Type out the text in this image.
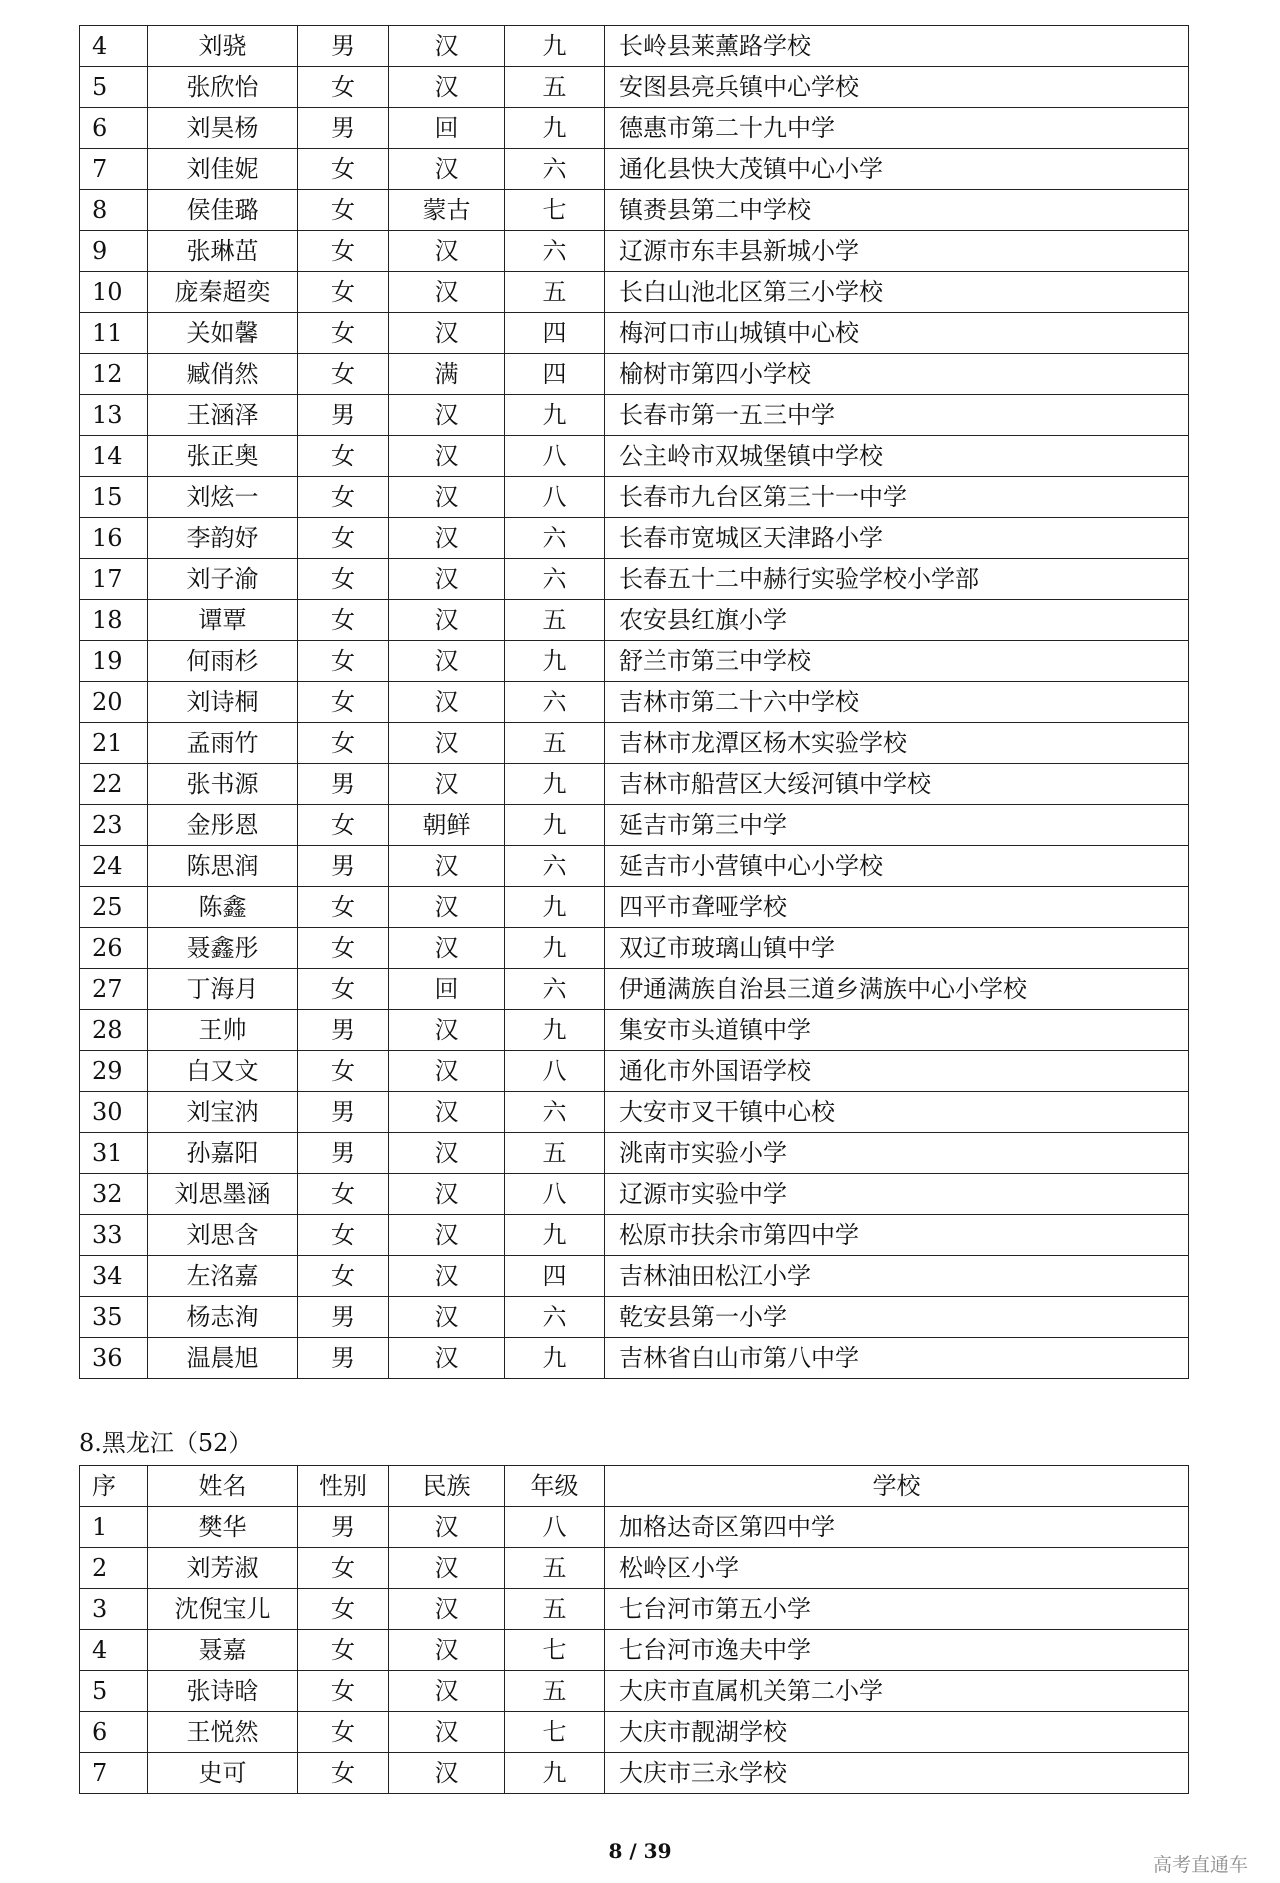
4	刘骁	男	汉	九	长岭县莱薰路学校
5	张欣怡	女	汉	五	安图县亮兵镇中心学校
6	刘昊杨	男	回	九	德惠市第二十九中学
7	刘佳妮	女	汉	六	通化县快大茂镇中心小学
8	侯佳璐	女	蒙古	七	镇赉县第二中学校
9	张琳茁	女	汉	六	辽源市东丰县新城小学
10	庞秦超奕	女	汉	五	长白山池北区第三小学校
11	关如馨	女	汉	四	梅河口市山城镇中心校
12	臧俏然	女	满	四	榆树市第四小学校
13	王涵泽	男	汉	九	长春市第一五三中学
14	张正奥	女	汉	八	公主岭市双城堡镇中学校
15	刘炫一	女	汉	八	长春市九台区第三十一中学
16	李韵妤	女	汉	六	长春市宽城区天津路小学
17	刘子渝	女	汉	六	长春五十二中赫行实验学校小学部
18	谭覃	女	汉	五	农安县红旗小学
19	何雨杉	女	汉	九	舒兰市第三中学校
20	刘诗桐	女	汉	六	吉林市第二十六中学校
21	孟雨竹	女	汉	五	吉林市龙潭区杨木实验学校
22	张书源	男	汉	九	吉林市船营区大绥河镇中学校
23	金彤恩	女	朝鲜	九	延吉市第三中学
24	陈思润	男	汉	六	延吉市小营镇中心小学校
25	陈鑫	女	汉	九	四平市聋哑学校
26	聂鑫彤	女	汉	九	双辽市玻璃山镇中学
27	丁海月	女	回	六	伊通满族自治县三道乡满族中心小学校
28	王帅	男	汉	九	集安市头道镇中学
29	白又文	女	汉	八	通化市外国语学校
30	刘宝汭	男	汉	六	大安市叉干镇中心校
31	孙嘉阳	男	汉	五	洮南市实验小学
32	刘思墨涵	女	汉	八	辽源市实验中学
33	刘思含	女	汉	九	松原市扶余市第四中学
34	左洺嘉	女	汉	四	吉林油田松江小学
35	杨志洵	男	汉	六	乾安县第一小学
36	温晨旭	男	汉	九	吉林省白山市第八中学
8.黑龙江（52）
序	姓名	性别	民族	年级	学校
1	樊华	男	汉	八	加格达奇区第四中学
2	刘芳淑	女	汉	五	松岭区小学
3	沈倪宝儿	女	汉	五	七台河市第五小学
4	聂嘉	女	汉	七	七台河市逸夫中学
5	张诗晗	女	汉	五	大庆市直属机关第二小学
6	王悦然	女	汉	七	大庆市靓湖学校
7	史可	女	汉	九	大庆市三永学校
8 / 39
高考直通车
